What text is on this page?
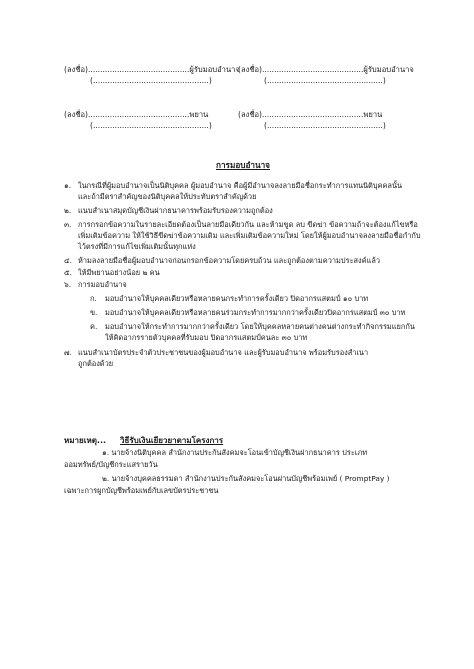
(ลงชื่อ)..........................................ผู้รับมอบอำนาจ
(................................................)
(ลงชื่อ)..........................................ผู้รับมอบอำนาจ
(................................................)
(ลงชื่อ)..........................................พยาน
(................................................)
(ลงชื่อ)..........................................พยาน
(................................................)
การมอบอำนาจ
๑. ในกรณีที่ผู้มอบอำนาจเป็นนิติบุคคล ผู้มอบอำนาจ คือผู้มีอำนาจลงลายมือชื่อกระทำการแทนนิติบุคคลนั้น
และถ้ามีตราสำคัญของนิติบุคคลให้ประทับตราสำคัญด้วย
๒. แนบสำเนาสมุดบัญชีเงินฝากธนาคารพร้อมรับรองความถูกต้อง
๓. การกรอกข้อความในรายละเอียดต้องเป็นลายมือเดียวกัน และห้ามขูด ลบ ขีดฆ่า ข้อความถ้าจะต้องแก้ไขหรือ
เพิ่มเติมข้อความ ให้ใช้วิธีขีดฆ่าข้อความเดิม และเพิ่มเติมข้อความใหม่ โดยให้ผู้มอบอำนาจลงลายมือชื่อกำกับ
ไว้ตรงที่มีการแก้ไขเพิ่มเติมนั้นทุกแห่ง
๔. ห้ามลงลายมือชื่อผู้มอบอำนาจก่อนกรอกข้อความโดยครบถ้วน และถูกต้องตามความประสงค์แล้ว
๕. ให้มีพยานอย่างน้อย ๒ คน
๖. การมอบอำนาจ
ก. มอบอำนาจให้บุคคลเดียวหรือหลายคนกระทำการครั้งเดียว ปิดอากรแสตมป์ ๑๐ บาท
ข. มอบอำนาจให้บุคคลเดียวหรือหลายคนร่วมกระทำการมากกว่าครั้งเดียวปิดอากรแสตมป์ ๓๐ บาท
ค. มอบอำนาจให้กระทำการมากกว่าครั้งเดียว โดยให้บุคคลหลายคนต่างคนต่างกระทำกิจกรรมแยกกัน
ให้คิดอากรรายตัวบุคคลที่รับมอบ ปิดอากรแสตมป์คนละ ๓๐ บาท
๗. แนบสำเนาบัตรประจำตัวประชาชนของผู้มอบอำนาจ และผู้รับมอบอำนาจ พร้อมรับรองสำเนา
ถูกต้องด้วย
หมายเหตุ... วิธีรับเงินเยียวยาตามโครงการ
๑. นายจ้างนิติบุคคล สำนักงานประกันสังคมจะโอนเข้าบัญชีเงินฝากธนาคาร ประเภท
ออมทรัพย์/บัญชีกระแสรายวัน
๒. นายจ้างบุคคลธรรมดา สำนักงานประกันสังคมจะโอนผ่านบัญชีพร้อมเพย์ ( PromptPay )
เฉพาะการผูกบัญชีพร้อมเพย์กับเลขบัตรประชาชน
